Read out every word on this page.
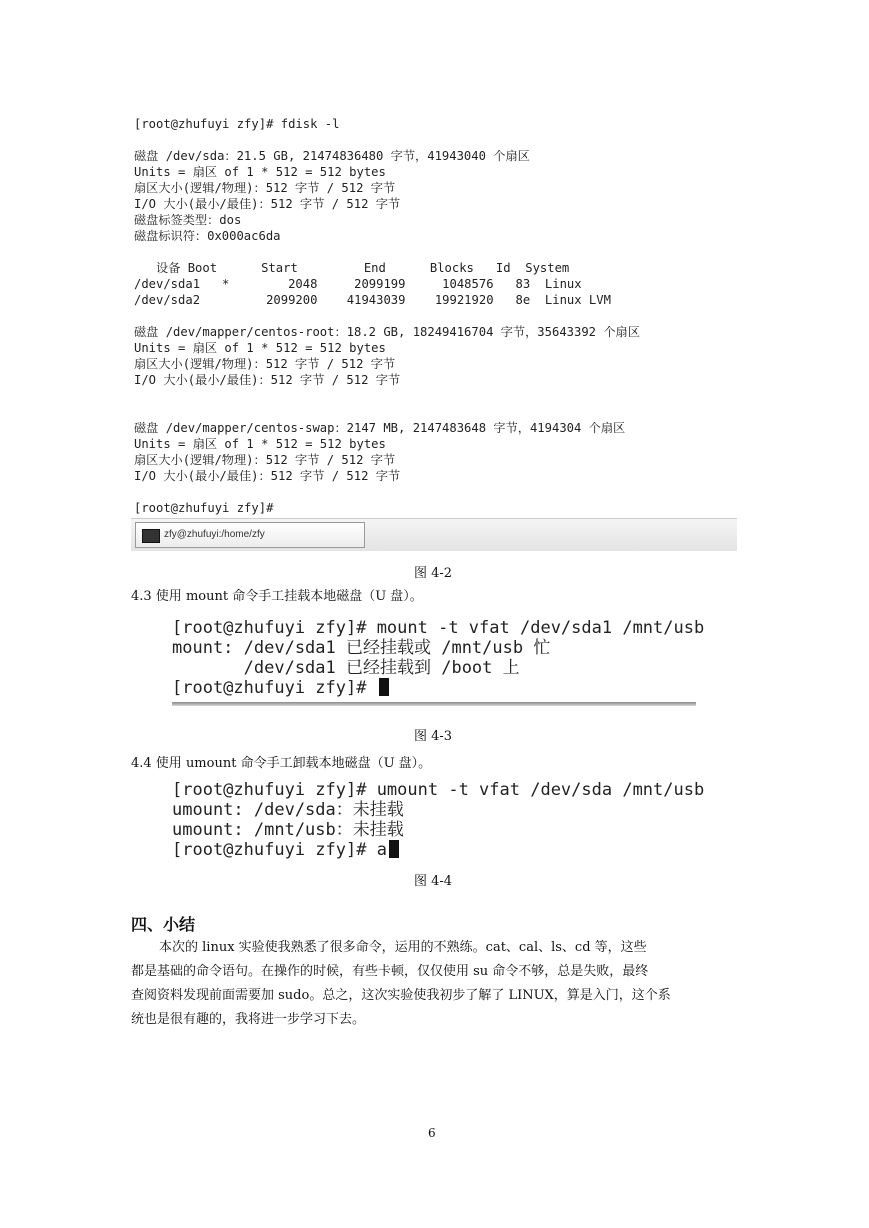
[root@zhufuyi zfy]# fdisk -l
磁盘 /dev/sda：21.5 GB, 21474836480 字节，41943040 个扇区
Units = 扇区 of 1 * 512 = 512 bytes
扇区大小(逻辑/物理)：512 字节 / 512 字节
I/O 大小(最小/最佳)：512 字节 / 512 字节
磁盘标签类型：dos
磁盘标识符：0x000ac6da
设备 Boot      Start         End      Blocks   Id  System
/dev/sda1   *        2048     2099199     1048576   83  Linux
/dev/sda2         2099200    41943039    19921920   8e  Linux LVM
磁盘 /dev/mapper/centos-root：18.2 GB, 18249416704 字节，35643392 个扇区
Units = 扇区 of 1 * 512 = 512 bytes
扇区大小(逻辑/物理)：512 字节 / 512 字节
I/O 大小(最小/最佳)：512 字节 / 512 字节
磁盘 /dev/mapper/centos-swap：2147 MB, 2147483648 字节，4194304 个扇区
Units = 扇区 of 1 * 512 = 512 bytes
扇区大小(逻辑/物理)：512 字节 / 512 字节
I/O 大小(最小/最佳)：512 字节 / 512 字节
[root@zhufuyi zfy]#
zfy@zhufuyi:/home/zfy
图 4-2
4.3 使用 mount 命令手工挂载本地磁盘（U 盘）。
[root@zhufuyi zfy]# mount -t vfat /dev/sda1 /mnt/usb
mount: /dev/sda1 已经挂载或 /mnt/usb 忙
/dev/sda1 已经挂载到 /boot 上
[root@zhufuyi zfy]#
图 4-3
4.4 使用 umount 命令手工卸载本地磁盘（U 盘）。
[root@zhufuyi zfy]# umount -t vfat /dev/sda /mnt/usb
umount: /dev/sda：未挂载
umount: /mnt/usb：未挂载
[root@zhufuyi zfy]# a
图 4-4
四、小结
本次的 linux 实验使我熟悉了很多命令，运用的不熟练。cat、cal、ls、cd 等，这些
都是基础的命令语句。在操作的时候，有些卡顿，仅仅使用 su 命令不够，总是失败，最终
查阅资料发现前面需要加 sudo。总之，这次实验使我初步了解了 LINUX，算是入门，这个系
统也是很有趣的，我将进一步学习下去。
6
